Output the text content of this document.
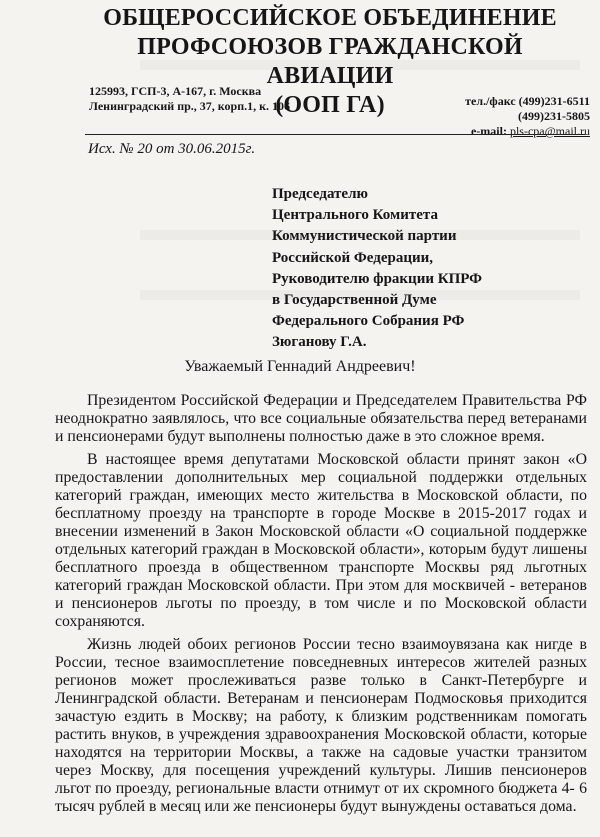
ОБЩЕРОССИЙСКОЕ ОБЪЕДИНЕНИЕ
ПРОФСОЮЗОВ ГРАЖДАНСКОЙ АВИАЦИИ
(ООП ГА)
125993, ГСП-3, А-167, г. Москва
Ленинградский пр., 37, корп.1, к. 106	тел./факс (499)231-6511
(499)231-5805
e-mail: pls-cpa@mail.ru
Исх. № 20 от 30.06.2015г.
Председателю
Центрального Комитета
Коммунистической партии
Российской Федерации,
Руководителю фракции КПРФ
в Государственной Думе
Федерального Собрания РФ
Зюганову Г.А.
Уважаемый Геннадий Андреевич!

Президентом Российской Федерации и Председателем Правительства РФ неоднократно заявлялось, что все социальные обязательства перед ветеранами и пенсионерами будут выполнены полностью даже в это сложное время.

В настоящее время депутатами Московской области принят закон «О предоставлении дополнительных мер социальной поддержки отдельных категорий граждан, имеющих место жительства в Московской области, по бесплатному проезду на транспорте в городе Москве в 2015-2017 годах и внесении изменений в Закон Московской области «О социальной поддержке отдельных категорий граждан в Московской области», которым будут лишены бесплатного проезда в общественном транспорте Москвы ряд льготных категорий граждан Московской области. При этом для москвичей - ветеранов и пенсионеров льготы по проезду, в том числе и по Московской области сохраняются.

Жизнь людей обоих регионов России тесно взаимоувязана как нигде в России, тесное взаимосплетение повседневных интересов жителей разных регионов может прослеживаться разве только в Санкт-Петербурге и Ленинградской области. Ветеранам и пенсионерам Подмосковья приходится зачастую ездить в Москву; на работу, к близким родственникам помогать растить внуков, в учреждения здравоохранения Московской области, которые находятся на территории Москвы, а также на садовые участки транзитом через Москву, для посещения учреждений культуры. Лишив пенсионеров льгот по проезду, региональные власти отнимут от их скромного бюджета 4- 6 тысяч рублей в месяц или же пенсионеры будут вынуждены оставаться дома.
